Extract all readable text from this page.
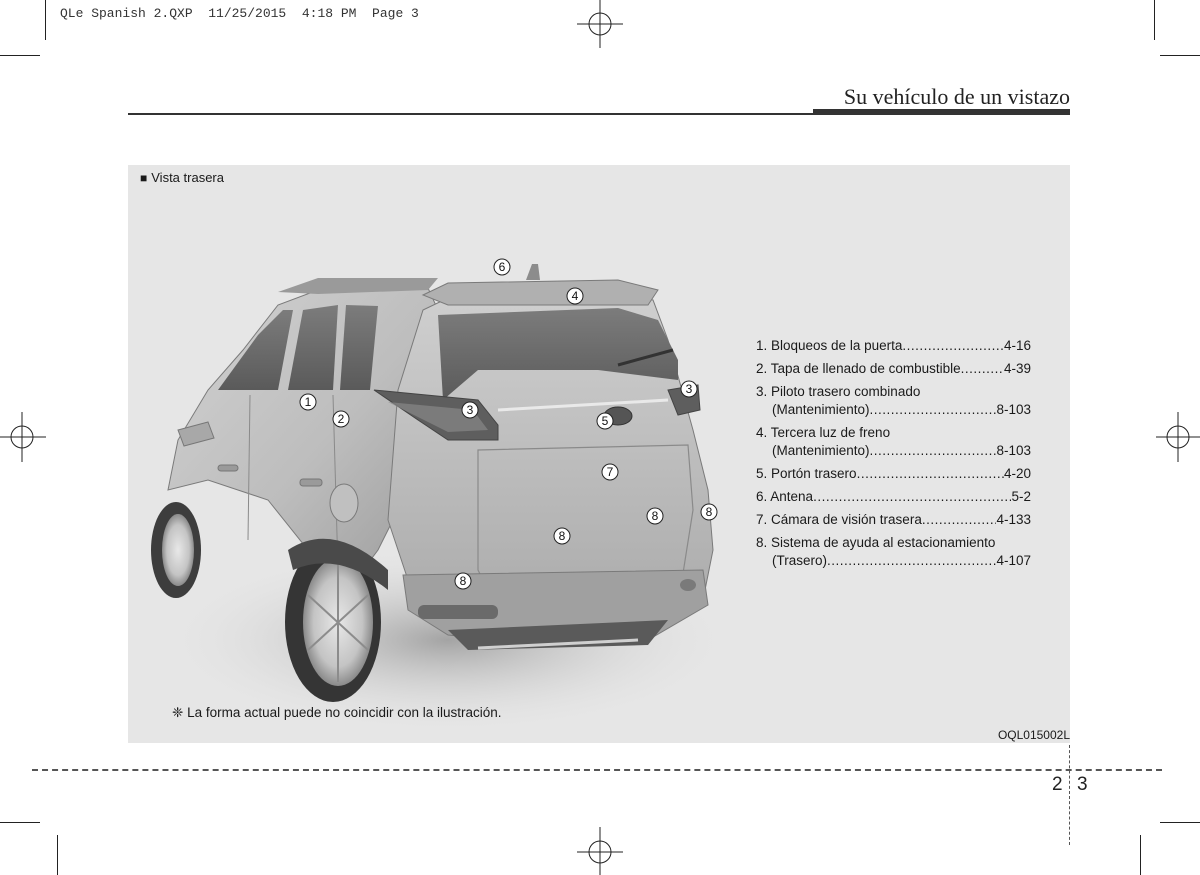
QLe Spanish 2.QXP  11/25/2015  4:18 PM  Page 3
Su vehículo de un vistazo
■ Vista trasera
1
2
3
3
4
5
6
7
8	8
8
8
1. Bloqueos de la puerta .....	4-16
2. Tapa de llenado de combustible .....	4-39
3. Piloto trasero combinado
(Mantenimiento) .....	8-103
4. Tercera luz de freno
(Mantenimiento) .....	8-103
5. Portón trasero .....	4-20
6. Antena .....	5-2
7. Cámara de visión trasera .....	4-133
8. Sistema de ayuda al estacionamiento
(Trasero) .....	4-107
❈ La forma actual puede no coincidir con la ilustración.
OQL015002L
2 3
